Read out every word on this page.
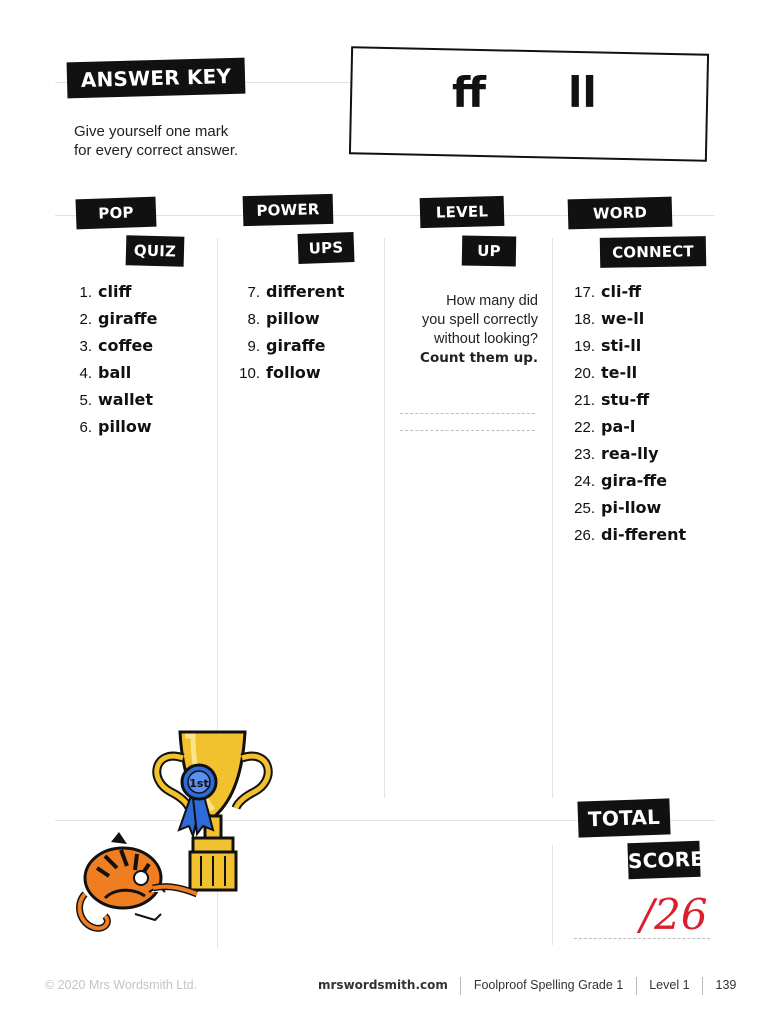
ANSWER KEY
Give yourself one mark
for every correct answer.
ff ll
POP
QUIZ
1. cliff
2. giraffe
3. coffee
4. ball
5. wallet
6. pillow
POWER
UPS
7. different
8. pillow
9. giraffe
10. follow
LEVEL
UP
How many did
you spell correctly
without looking?
Count them up.
WORD
CONNECT
17. cli-ff
18. we-ll
19. sti-ll
20. te-ll
21. stu-ff
22. pa-l
23. rea-lly
24. gira-ffe
25. pi-llow
26. di-fferent
1st
TOTAL
SCORE
/26
© 2020 Mrs Wordsmith Ltd.	mrswordsmith.com Foolproof Spelling Grade 1 Level 1 139
